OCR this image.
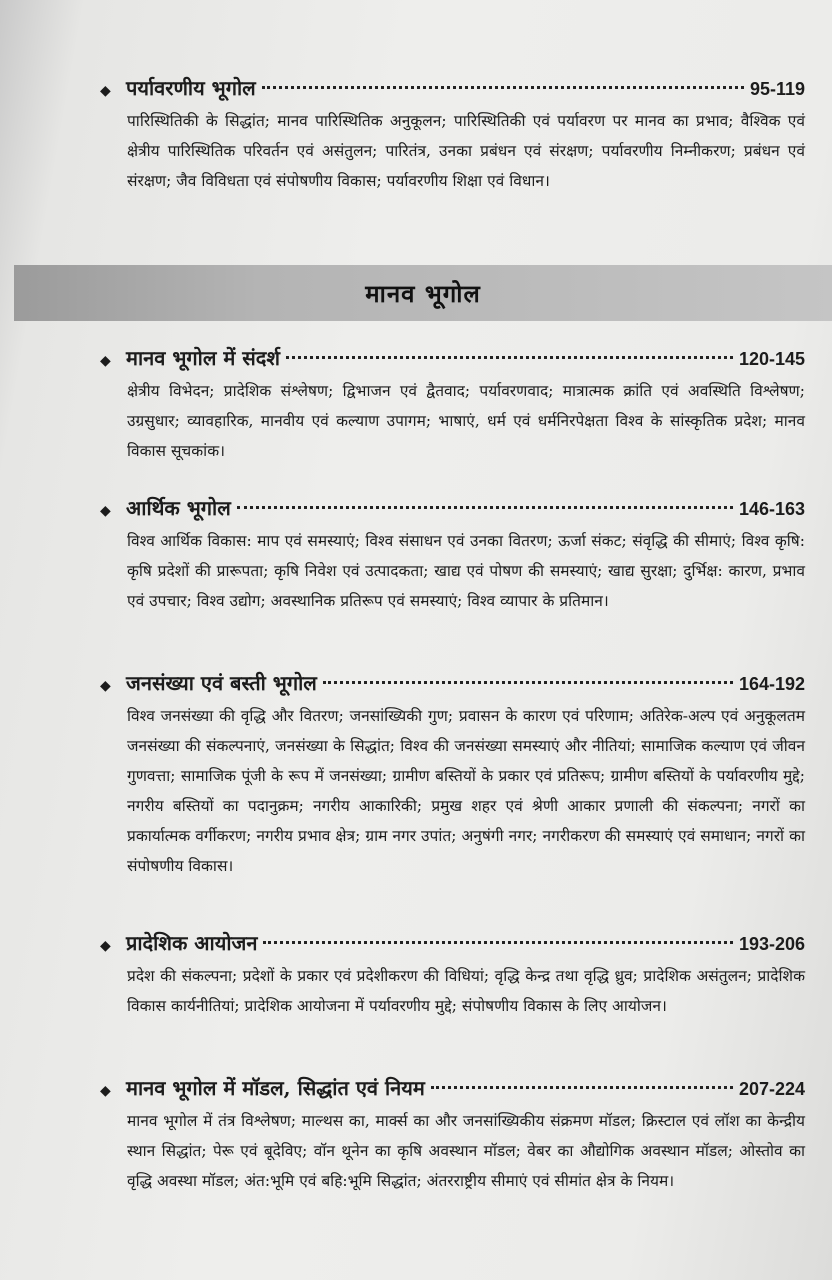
◆ पर्यावरणीय भूगोल	95-119
पारिस्थितिकी के सिद्धांत; मानव पारिस्थितिक अनुकूलन; पारिस्थितिकी एवं पर्यावरण पर मानव का प्रभाव; वैश्विक एवं क्षेत्रीय पारिस्थितिक परिवर्तन एवं असंतुलन; पारितंत्र, उनका प्रबंधन एवं संरक्षण; पर्यावरणीय निम्नीकरण; प्रबंधन एवं संरक्षण; जैव विविधता एवं संपोषणीय विकास; पर्यावरणीय शिक्षा एवं विधान।
मानव भूगोल
◆ मानव भूगोल में संदर्श	120-145
क्षेत्रीय विभेदन; प्रादेशिक संश्लेषण; द्विभाजन एवं द्वैतवाद; पर्यावरणवाद; मात्रात्मक क्रांति एवं अवस्थिति विश्लेषण; उग्रसुधार; व्यावहारिक, मानवीय एवं कल्याण उपागम; भाषाएं, धर्म एवं धर्मनिरपेक्षता विश्व के सांस्कृतिक प्रदेश; मानव विकास सूचकांक।
◆ आर्थिक भूगोल	146-163
विश्व आर्थिक विकास: माप एवं समस्याएं; विश्व संसाधन एवं उनका वितरण; ऊर्जा संकट; संवृद्धि की सीमाएं; विश्व कृषि: कृषि प्रदेशों की प्रारूपता; कृषि निवेश एवं उत्पादकता; खाद्य एवं पोषण की समस्याएं; खाद्य सुरक्षा; दुर्भिक्ष: कारण, प्रभाव एवं उपचार; विश्व उद्योग; अवस्थानिक प्रतिरूप एवं समस्याएं; विश्व व्यापार के प्रतिमान।
◆ जनसंख्या एवं बस्ती भूगोल	164-192
विश्व जनसंख्या की वृद्धि और वितरण; जनसांख्यिकी गुण; प्रवासन के कारण एवं परिणाम; अतिरेक-अल्प एवं अनुकूलतम जनसंख्या की संकल्पनाएं, जनसंख्या के सिद्धांत; विश्व की जनसंख्या समस्याएं और नीतियां; सामाजिक कल्याण एवं जीवन गुणवत्ता; सामाजिक पूंजी के रूप में जनसंख्या; ग्रामीण बस्तियों के प्रकार एवं प्रतिरूप; ग्रामीण बस्तियों के पर्यावरणीय मुद्दे; नगरीय बस्तियों का पदानुक्रम; नगरीय आकारिकी; प्रमुख शहर एवं श्रेणी आकार प्रणाली की संकल्पना; नगरों का प्रकार्यात्मक वर्गीकरण; नगरीय प्रभाव क्षेत्र; ग्राम नगर उपांत; अनुषंगी नगर; नगरीकरण की समस्याएं एवं समाधान; नगरों का संपोषणीय विकास।
◆ प्रादेशिक आयोजन	193-206
प्रदेश की संकल्पना; प्रदेशों के प्रकार एवं प्रदेशीकरण की विधियां; वृद्धि केन्द्र तथा वृद्धि ध्रुव; प्रादेशिक असंतुलन; प्रादेशिक विकास कार्यनीतियां; प्रादेशिक आयोजना में पर्यावरणीय मुद्दे; संपोषणीय विकास के लिए आयोजन।
◆ मानव भूगोल में मॉडल, सिद्धांत एवं नियम	207-224
मानव भूगोल में तंत्र विश्लेषण; माल्थस का, मार्क्स का और जनसांख्यिकीय संक्रमण मॉडल; क्रिस्टाल एवं लॉश का केन्द्रीय स्थान सिद्धांत; पेरू एवं बूदेविए; वॉन थूनेन का कृषि अवस्थान मॉडल; वेबर का औद्योगिक अवस्थान मॉडल; ओस्तोव का वृद्धि अवस्था मॉडल; अंत:भूमि एवं बहि:भूमि सिद्धांत; अंतरराष्ट्रीय सीमाएं एवं सीमांत क्षेत्र के नियम।
